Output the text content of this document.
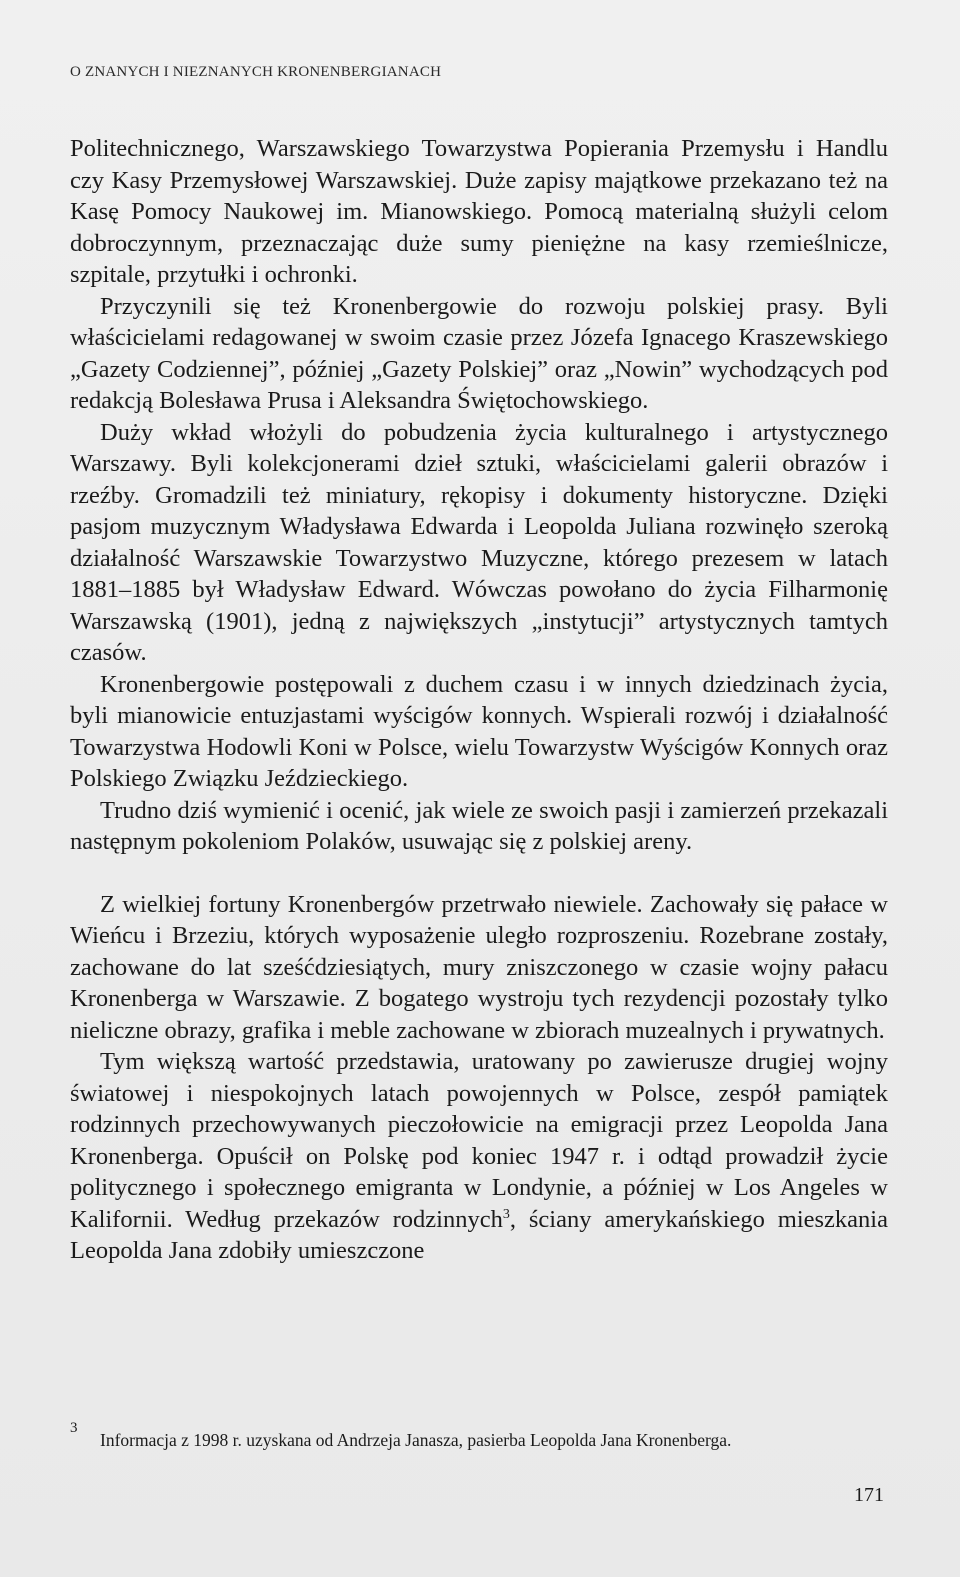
O ZNANYCH I NIEZNANYCH KRONENBERGIANACH

Politechnicznego, Warszawskiego Towarzystwa Popierania Przemysłu i Handlu czy Kasy Przemysłowej Warszawskiej. Duże zapisy majątkowe przekazano też na Kasę Pomocy Naukowej im. Mianowskiego. Pomocą materialną służyli celom dobroczynnym, przeznaczając duże sumy pieniężne na kasy rzemieślnicze, szpitale, przytułki i ochronki.

Przyczynili się też Kronenbergowie do rozwoju polskiej prasy. Byli właścicielami redagowanej w swoim czasie przez Józefa Ignacego Kraszewskiego „Gazety Codziennej”, później „Gazety Polskiej” oraz „Nowin” wychodzących pod redakcją Bolesława Prusa i Aleksandra Świętochowskiego.

Duży wkład włożyli do pobudzenia życia kulturalnego i artystycznego Warszawy. Byli kolekcjonerami dzieł sztuki, właścicielami galerii obrazów i rzeźby. Gromadzili też miniatury, rękopisy i dokumenty historyczne. Dzięki pasjom muzycznym Władysława Edwarda i Leopolda Juliana rozwinęło szeroką działalność Warszawskie Towarzystwo Muzyczne, którego prezesem w latach 1881–1885 był Władysław Edward. Wówczas powołano do życia Filharmonię Warszawską (1901), jedną z największych „instytucji” artystycznych tamtych czasów.

Kronenbergowie postępowali z duchem czasu i w innych dziedzinach życia, byli mianowicie entuzjastami wyścigów konnych. Wspierali rozwój i działalność Towarzystwa Hodowli Koni w Polsce, wielu Towarzystw Wyścigów Konnych oraz Polskiego Związku Jeździeckiego.

Trudno dziś wymienić i ocenić, jak wiele ze swoich pasji i zamierzeń przekazali następnym pokoleniom Polaków, usuwając się z polskiej areny.

Z wielkiej fortuny Kronenbergów przetrwało niewiele. Zachowały się pałace w Wieńcu i Brzeziu, których wyposażenie uległo rozproszeniu. Rozebrane zostały, zachowane do lat sześćdziesiątych, mury zniszczonego w czasie wojny pałacu Kronenberga w Warszawie. Z bogatego wystroju tych rezydencji pozostały tylko nieliczne obrazy, grafika i meble zachowane w zbiorach muzealnych i prywatnych.

Tym większą wartość przedstawia, uratowany po zawierusze drugiej wojny światowej i niespokojnych latach powojennych w Polsce, zespół pamiątek rodzinnych przechowywanych pieczołowicie na emigracji przez Leopolda Jana Kronenberga. Opuścił on Polskę pod koniec 1947 r. i odtąd prowadził życie politycznego i społecznego emigranta w Londynie, a później w Los Angeles w Kalifornii. Według przekazów rodzinnych$^3$, ściany amerykańskiego mieszkania Leopolda Jana zdobiły umieszczone

3
Informacja z 1998 r. uzyskana od Andrzeja Janasza, pasierba Leopolda Jana Kronenberga.
171
